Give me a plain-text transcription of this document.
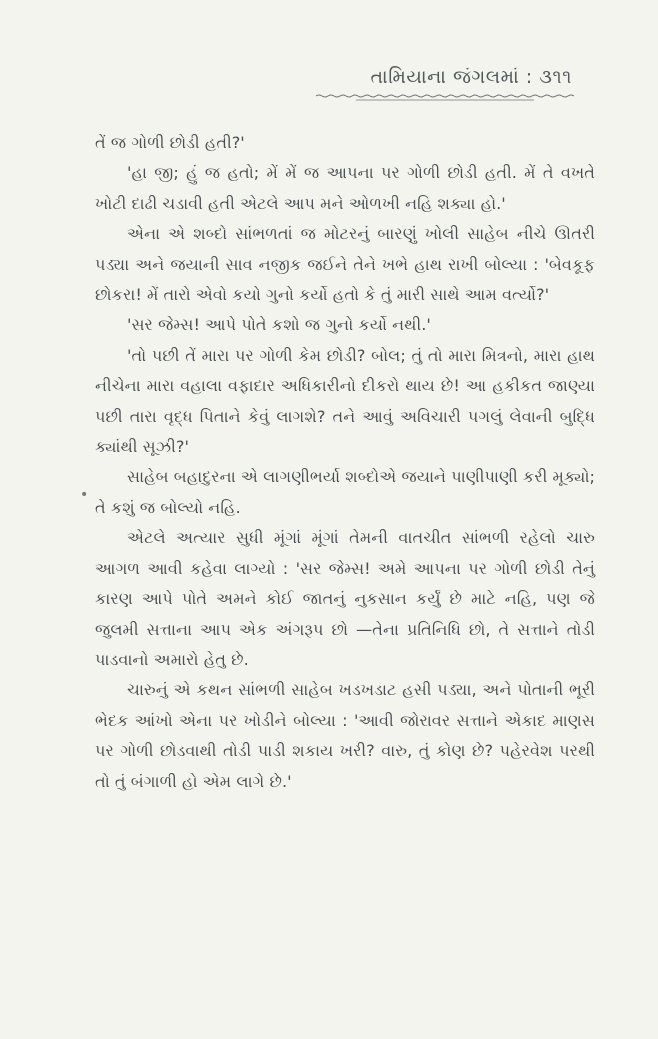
તામિયાના જંગલમાં : ૩૧૧
•

તેં જ ગોળી છોડી હતી?'

'હા જી; હું જ હતો; મેં મેં જ આપના પર ગોળી છોડી હતી. મેં તે વખતે ખોટી દાઢી ચડાવી હતી એટલે આપ મને ઓળખી નહિ શક્યા હો.'

એના એ શબ્દો સાંભળતાં જ મોટરનું બારણું ખોલી સાહેબ નીચે ઊતરી પડ્યા અને જયાની સાવ નજીક જઈને તેને ખભે હાથ રાખી બોલ્યા : 'બેવકૂફ છોકરા! મેં તારો એવો કયો ગુનો કર્યો હતો કે તું મારી સાથે આમ વર્ત્યો?'

'સર જેમ્સ! આપે પોતે કશો જ ગુનો કર્યો નથી.'

'તો પછી તેં મારા પર ગોળી કેમ છોડી? બોલ; તું તો મારા મિત્રનો, મારા હાથ નીચેના મારા વહાલા વફાદાર અધિકારીનો દીકરો થાય છે! આ હકીકત જાણ્યા પછી તારા વૃદ્ધ પિતાને કેવું લાગશે? તને આવું અવિચારી પગલું લેવાની બુદ્ધિ ક્યાંથી સૂઝી?'

સાહેબ બહાદુરના એ લાગણીભર્યા શબ્દોએ જયાને પાણીપાણી કરી મૂક્યો; તે કશું જ બોલ્યો નહિ.

એટલે અત્યાર સુધી મૂંગાં મૂંગાં તેમની વાતચીત સાંભળી રહેલો ચારુ આગળ આવી કહેવા લાગ્યો : 'સર જેમ્સ! અમે આપના પર ગોળી છોડી તેનું કારણ આપે પોતે અમને કોઈ જાતનું નુકસાન કર્યું છે માટે નહિ, પણ જે જુલમી સત્તાના આપ એક અંગરૂપ છો —તેના પ્રતિનિધિ છો, તે સત્તાને તોડી પાડવાનો અમારો હેતુ છે.

ચારુનું એ કથન સાંભળી સાહેબ ખડખડાટ હસી પડ્યા, અને પોતાની ભૂરી ભેદક આંખો એના પર ખોડીને બોલ્યા : 'આવી જોરાવર સત્તાને એકાદ માણસ પર ગોળી છોડવાથી તોડી પાડી શકાય ખરી? વારુ, તું કોણ છે? પહેરવેશ પરથી તો તું બંગાળી હો એમ લાગે છે.'
